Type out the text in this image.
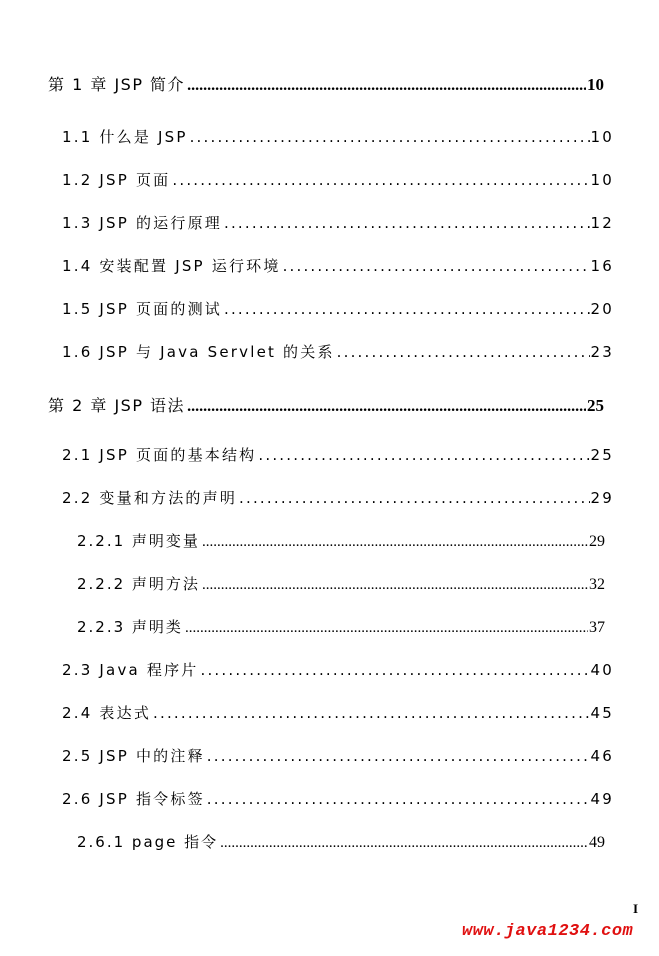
第 1 章 JSP 简介 .....	10
1.1 什么是 JSP .....	10
1.2 JSP 页面 .....	10
1.3 JSP 的运行原理 .....	12
1.4 安装配置 JSP 运行环境 .....	16
1.5 JSP 页面的测试 .....	20
1.6 JSP 与 Java Servlet 的关系 .....	23
第 2 章 JSP 语法 .....	25
2.1 JSP 页面的基本结构 .....	25
2.2 变量和方法的声明 .....	29
2.2.1 声明变量 .....	29
2.2.2 声明方法 .....	32
2.2.3 声明类 .....	37
2.3 Java 程序片 .....	40
2.4 表达式 .....	45
2.5 JSP 中的注释 .....	46
2.6 JSP 指令标签 .....	49
2.6.1 page 指令 .....	49
I
www.java1234.com
